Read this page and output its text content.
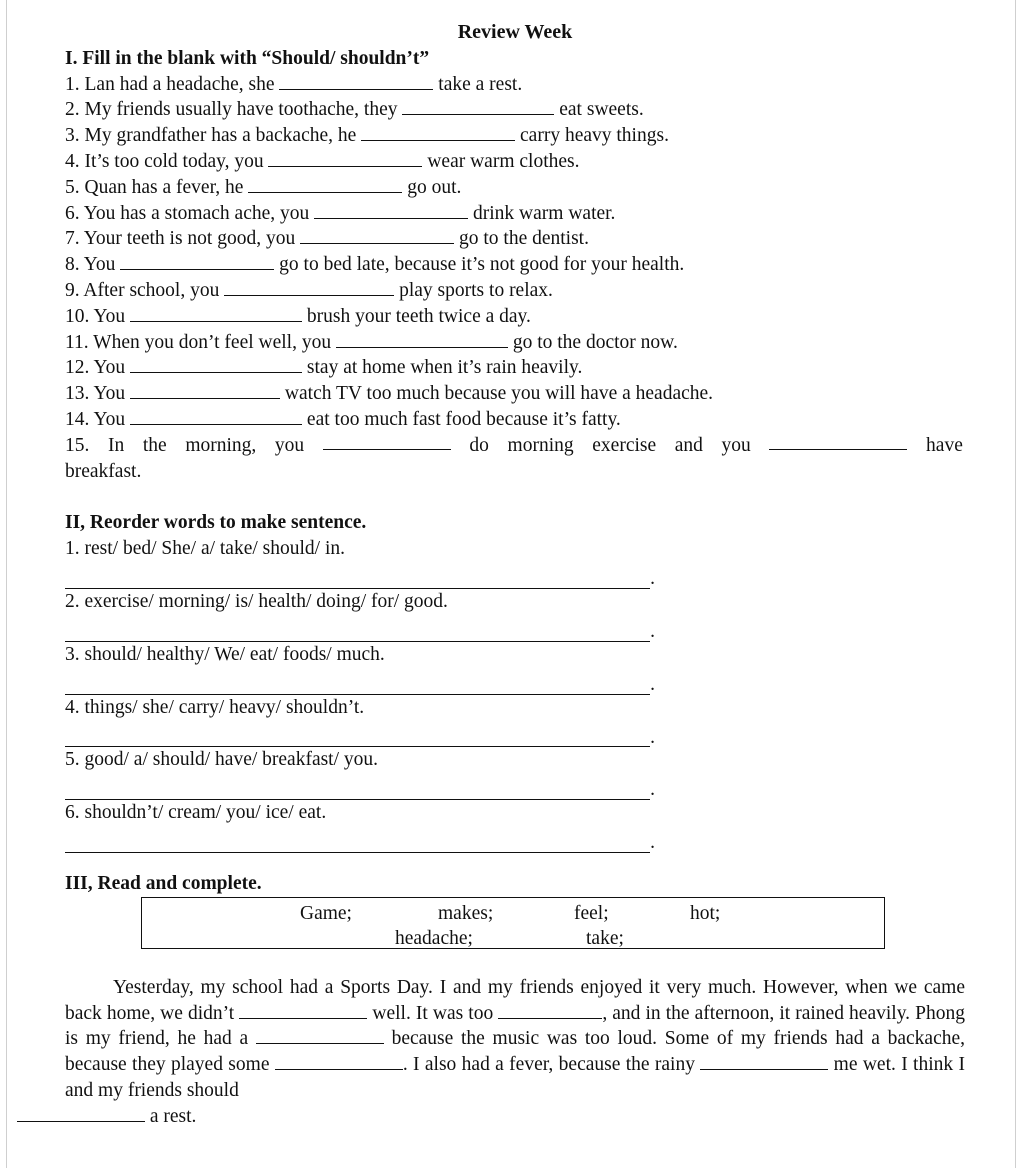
Review Week

I. Fill in the blank with “Should/ shouldn’t”

1. Lan had a headache, she	take a rest.

2. My friends usually have toothache, they	eat sweets.

3. My grandfather has a backache, he	carry heavy things.

4. It’s too cold today, you	wear warm clothes.

5. Quan has a fever, he	go out.

6. You has a stomach ache, you	drink warm water.

7. Your teeth is not good, you	go to the dentist.

8. You	go to bed late, because it’s not good for your health.

9. After school, you	play sports to relax.

10. You	brush your teeth twice a day.

11. When you don’t feel well, you	go to the doctor now.

12. You	stay at home when it’s rain heavily.

13. You	watch TV too much because you will have a headache.

14. You	eat too much fast food because it’s fatty.

15. In the morning, you	do morning exercise and you	have

breakfast.

II, Reorder words to make sentence.

1. rest/ bed/ She/ a/ take/ should/ in.

.

2. exercise/ morning/ is/ health/ doing/ for/ good.

.

3. should/ healthy/ We/ eat/ foods/ much.

.

4. things/ she/ carry/ heavy/ shouldn’t.

.

5. good/ a/ should/ have/ breakfast/ you.

.

6. shouldn’t/ cream/ you/ ice/ eat.

.

III, Read and complete.

Game;	makes;	feel;	hot;
headache;	take;

Yesterday, my school had a Sports Day. I and my friends enjoyed it very much. However, when we came back home, we didn’t	well. It was too	, and in the afternoon, it rained heavily. Phong is my friend, he had a	because the music was too loud. Some of my friends had a backache, because they played some	. I also had a fever, because the rainy	me wet. I think I and my friends should
a rest.
